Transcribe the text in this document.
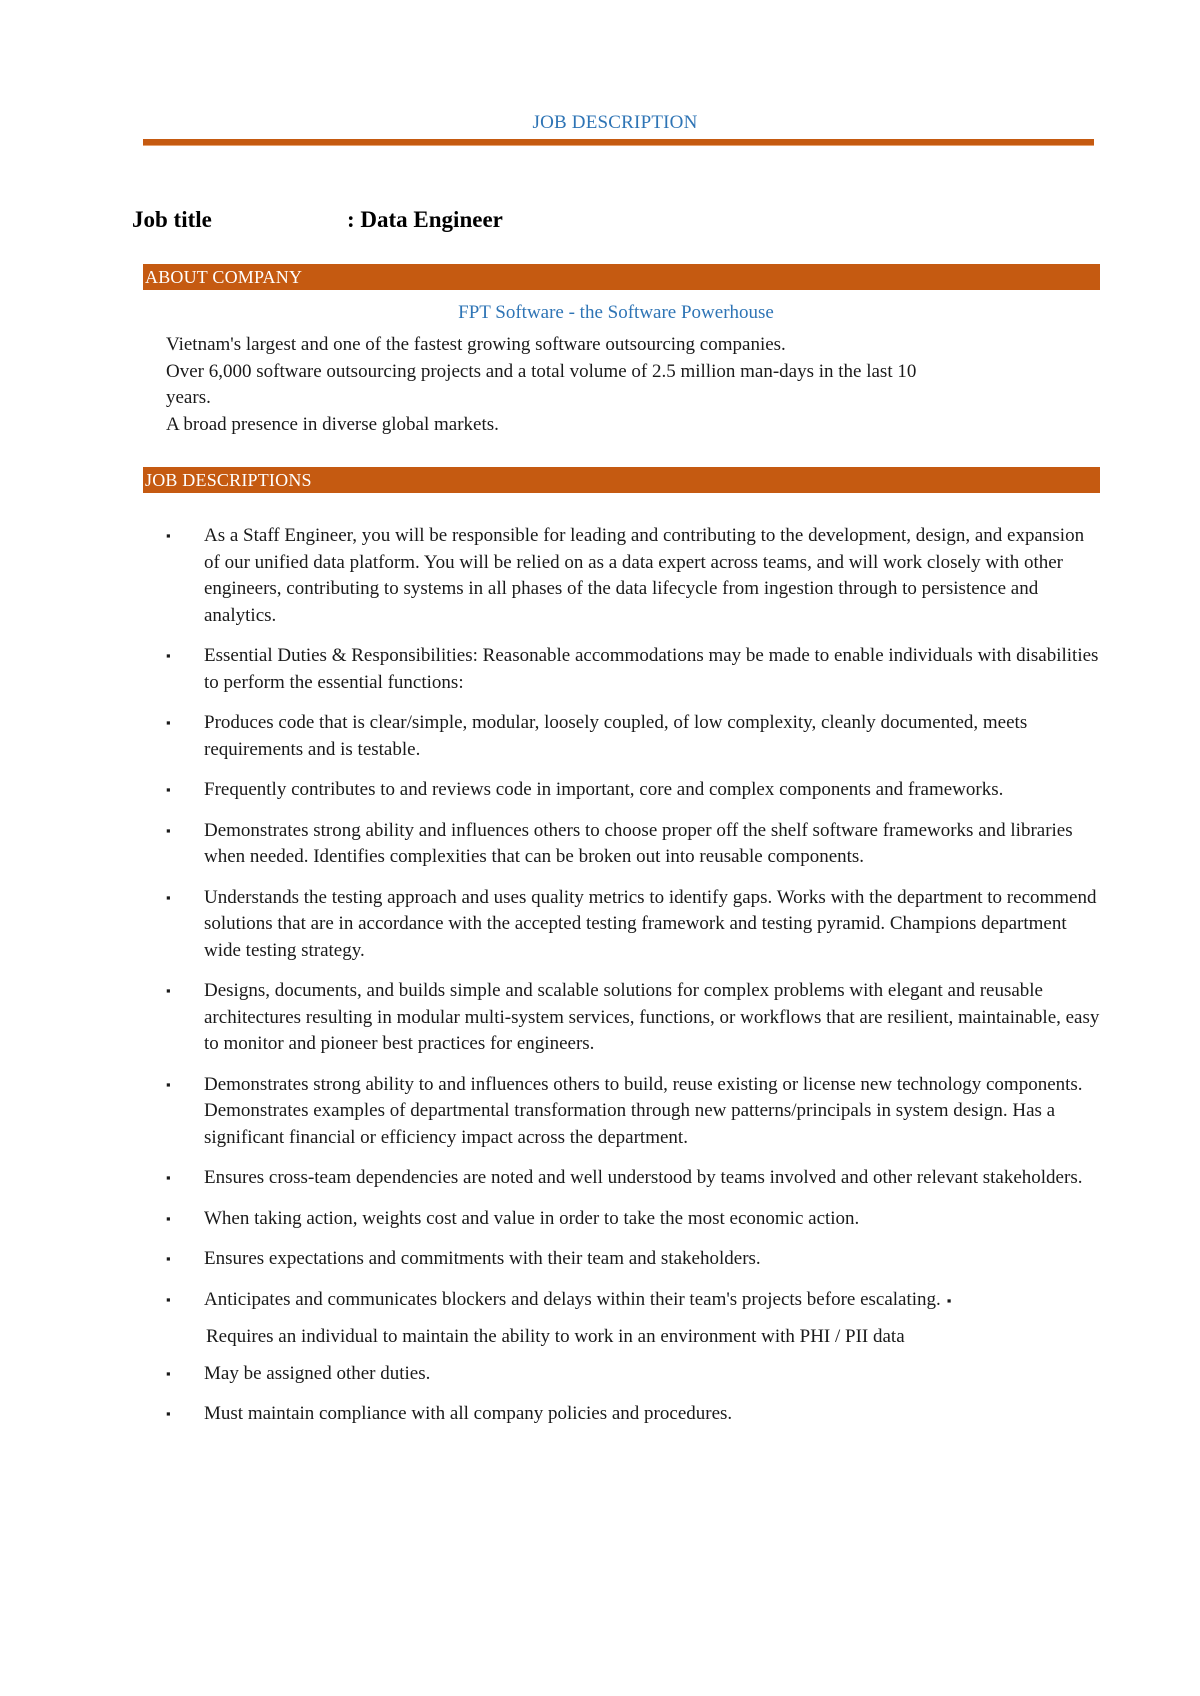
JOB DESCRIPTION
Job title	: Data Engineer
ABOUT COMPANY
FPT Software - the Software Powerhouse
Vietnam's largest and one of the fastest growing software outsourcing companies.
Over 6,000 software outsourcing projects and a total volume of 2.5 million man-days in the last 10
years.
A broad presence in diverse global markets.
JOB DESCRIPTIONS
▪ As a Staff Engineer, you will be responsible for leading and contributing to the development, design, and expansion of our unified data platform. You will be relied on as a data expert across teams, and will work closely with other engineers, contributing to systems in all phases of the data lifecycle from ingestion through to persistence and analytics.
▪ Essential Duties & Responsibilities: Reasonable accommodations may be made to enable individuals with disabilities to perform the essential functions:
▪ Produces code that is clear/simple, modular, loosely coupled, of low complexity, cleanly documented, meets requirements and is testable.
▪ Frequently contributes to and reviews code in important, core and complex components and frameworks.
▪ Demonstrates strong ability and influences others to choose proper off the shelf software frameworks and libraries when needed. Identifies complexities that can be broken out into reusable components.
▪ Understands the testing approach and uses quality metrics to identify gaps. Works with the department to recommend solutions that are in accordance with the accepted testing framework and testing pyramid. Champions department wide testing strategy.
▪ Designs, documents, and builds simple and scalable solutions for complex problems with elegant and reusable architectures resulting in modular multi-system services, functions, or workflows that are resilient, maintainable, easy to monitor and pioneer best practices for engineers.
▪ Demonstrates strong ability to and influences others to build, reuse existing or license new technology components. Demonstrates examples of departmental transformation through new patterns/principals in system design. Has a significant financial or efficiency impact across the department.
▪ Ensures cross-team dependencies are noted and well understood by teams involved and other relevant stakeholders.
▪ When taking action, weights cost and value in order to take the most economic action.
▪ Ensures expectations and commitments with their team and stakeholders.
▪ Anticipates and communicates blockers and delays within their team's projects before escalating. ▪
Requires an individual to maintain the ability to work in an environment with PHI / PII data
▪ May be assigned other duties.
▪ Must maintain compliance with all company policies and procedures.
